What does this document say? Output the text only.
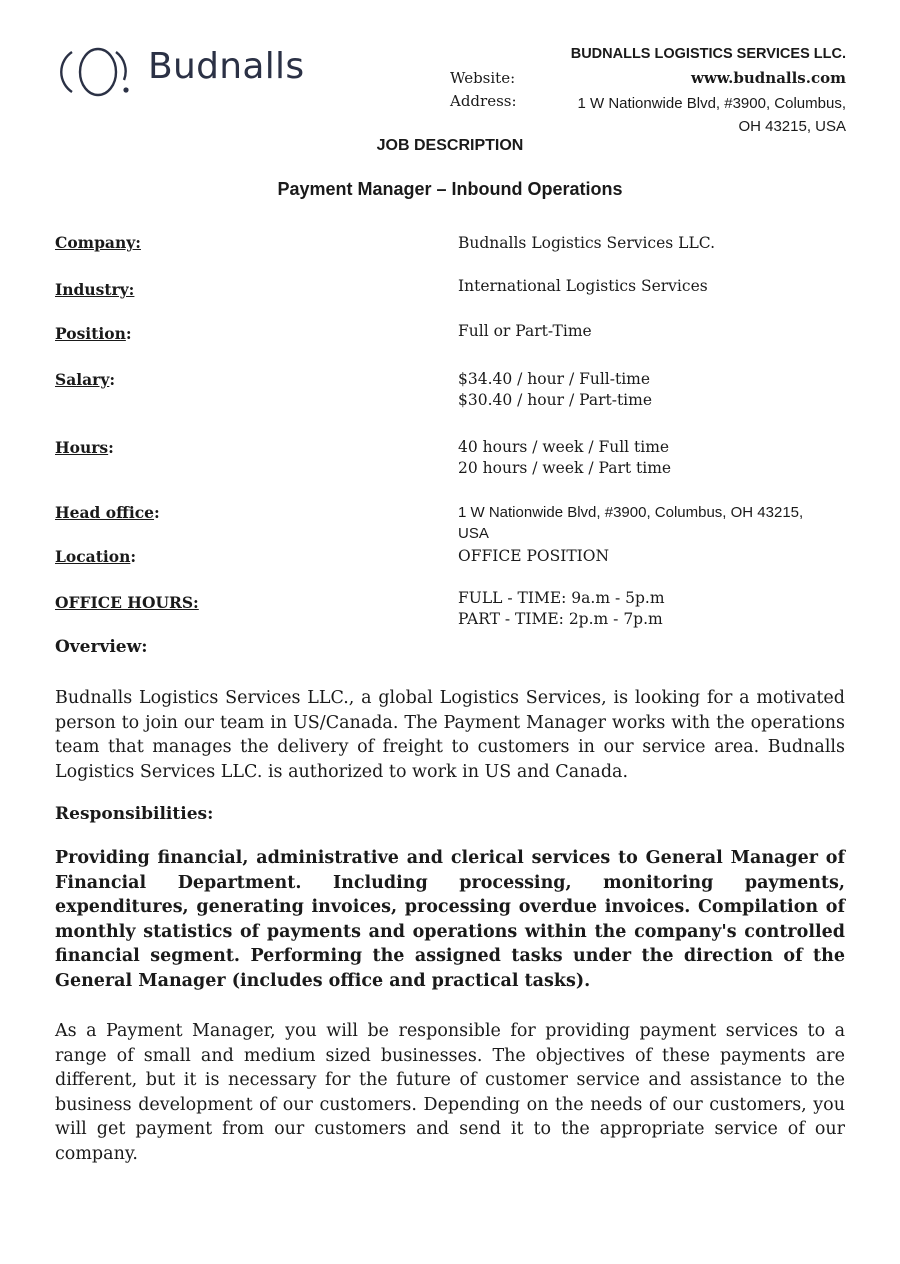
Budnalls	BUDNALLS LOGISTICS SERVICES LLC.
Website:	www.budnalls.com
Address:	1 W Nationwide Blvd, #3900, Columbus,
OH 43215, USA
JOB DESCRIPTION
Payment Manager – Inbound Operations
Company:	Budnalls Logistics Services LLC.
Industry:	International Logistics Services
Position:	Full or Part-Time
Salary:	$34.40 / hour / Full-time
$30.40 / hour / Part-time
Hours:	40 hours / week / Full time
20 hours / week / Part time
Head office:	1 W Nationwide Blvd, #3900, Columbus, OH 43215,
USA
Location:	OFFICE POSITION
OFFICE HOURS:	FULL - TIME: 9a.m - 5p.m
PART - TIME: 2p.m - 7p.m
Overview:
Budnalls Logistics Services LLC., a global Logistics Services, is looking for a motivated person to join our team in US/Canada. The Payment Manager works with the operations team that manages the delivery of freight to customers in our service area. Budnalls Logistics Services LLC. is authorized to work in US and Canada.
Responsibilities:
Providing financial, administrative and clerical services to General Manager of Financial Department. Including processing, monitoring payments, expenditures, generating invoices, processing overdue invoices. Compilation of monthly statistics of payments and operations within the company's controlled financial segment. Performing the assigned tasks under the direction of the General Manager (includes office and practical tasks).
As a Payment Manager, you will be responsible for providing payment services to a range of small and medium sized businesses. The objectives of these payments are different, but it is necessary for the future of customer service and assistance to the business development of our customers. Depending on the needs of our customers, you will get payment from our customers and send it to the appropriate service of our company.
